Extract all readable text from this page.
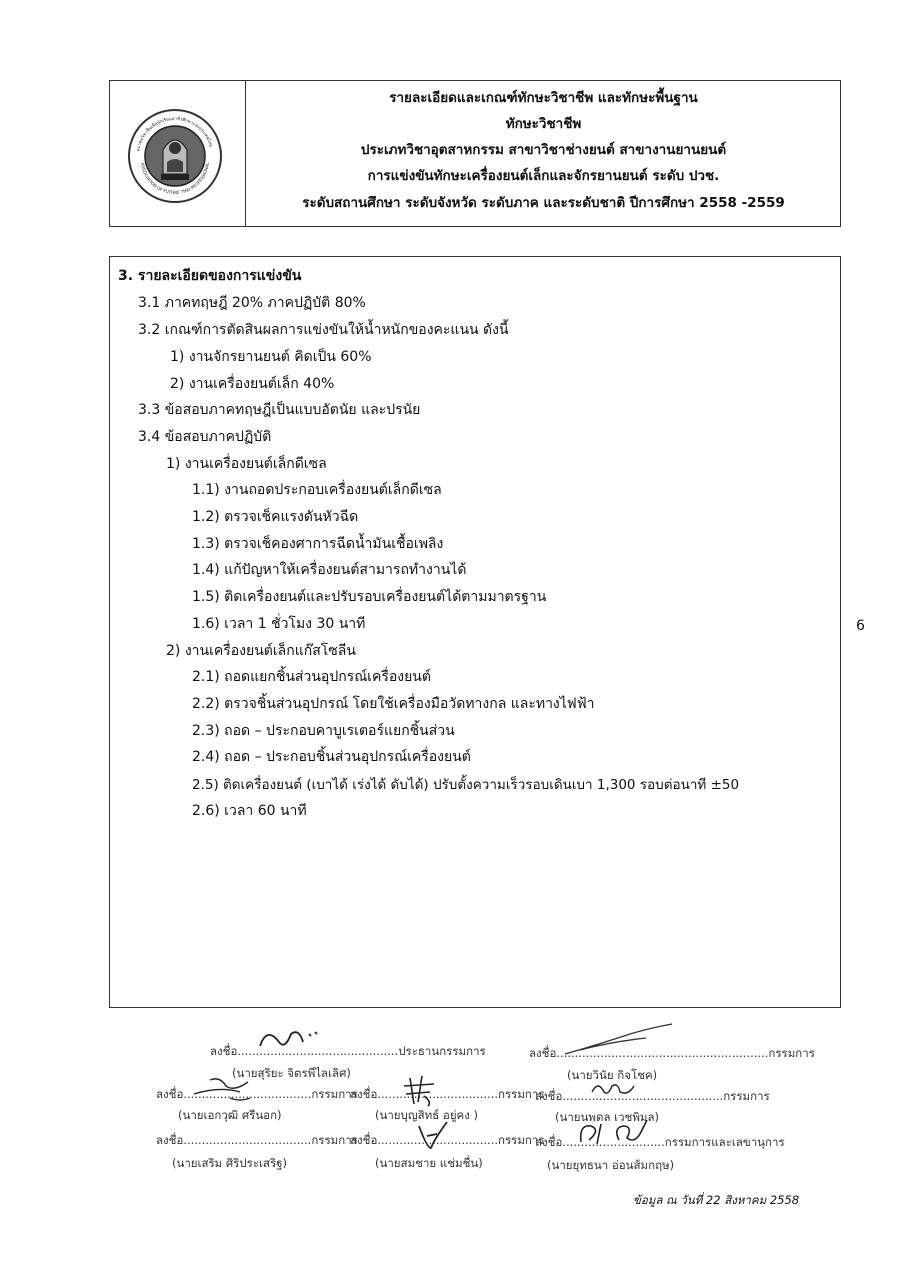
สมาคมวิชาชีพเพื่อนักเรียนอาชีวศึกษาแห่งประเทศไทย
ASSOCIATION OF FUTURE THAI PROFESSIONAL
รายละเอียดและเกณฑ์ทักษะวิชาชีพ และทักษะพื้นฐาน
ทักษะวิชาชีพ
ประเภทวิชาอุตสาหกรรม สาขาวิชาช่างยนต์ สาขางานยานยนต์
การแข่งขันทักษะเครื่องยนต์เล็กและจักรยานยนต์ ระดับ ปวช.
ระดับสถานศึกษา ระดับจังหวัด ระดับภาค และระดับชาติ ปีการศึกษา 2558 -2559
3. รายละเอียดของการแข่งขัน
3.1 ภาคทฤษฎี 20% ภาคปฏิบัติ 80%
3.2 เกณฑ์การตัดสินผลการแข่งขันให้น้ำหนักของคะแนน ดังนี้
1) งานจักรยานยนต์ คิดเป็น 60%
2) งานเครื่องยนต์เล็ก 40%
3.3 ข้อสอบภาคทฤษฎีเป็นแบบอัตนัย และปรนัย
3.4 ข้อสอบภาคปฏิบัติ
1) งานเครื่องยนต์เล็กดีเซล
1.1) งานถอดประกอบเครื่องยนต์เล็กดีเซล
1.2) ตรวจเช็คแรงดันหัวฉีด
1.3) ตรวจเช็คองศาการฉีดน้ำมันเชื้อเพลิง
1.4) แก้ปัญหาให้เครื่องยนต์สามารถทำงานได้
1.5) ติดเครื่องยนต์และปรับรอบเครื่องยนต์ได้ตามมาตรฐาน
1.6) เวลา 1 ชั่วโมง 30 นาที
2) งานเครื่องยนต์เล็กแก๊สโซลีน
2.1) ถอดแยกชิ้นส่วนอุปกรณ์เครื่องยนต์
2.2) ตรวจชิ้นส่วนอุปกรณ์ โดยใช้เครื่องมือวัดทางกล และทางไฟฟ้า
2.3) ถอด – ประกอบคาบูเรเตอร์แยกชิ้นส่วน
2.4) ถอด – ประกอบชิ้นส่วนอุปกรณ์เครื่องยนต์
2.5) ติดเครื่องยนต์ (เบาได้ เร่งได้ ดับได้) ปรับตั้งความเร็วรอบเดินเบา 1,300 รอบต่อนาที ±50
2.6) เวลา 60 นาที
6
ลงชื่อ............................................ประธานกรรมการ
(นายสุริยะ จิตรพีไลเลิศ)
ลงชื่อ..........................................................กรรมการ
(นายวินัย กิจโชค)
ลงชื่อ...................................กรรมการ
(นายเอกวุฒิ ศรีนอก)
ลงชื่อ.................................กรรมการ
(นายบุญสิทธ์ อยู่คง )
ลงชื่อ............................................กรรมการ
(นายนพดล เวชพิมล)
ลงชื่อ...................................กรรมการ
(นายเสริม ศิริประเสริฐ)
ลงชื่อ.................................กรรมการ
(นายสมชาย แช่มชื่น)
ลงชื่อ............................กรรมการและเลขานุการ
(นายยุทธนา อ่อนส้มกฤษ)
ข้อมูล ณ วันที่ 22 สิงหาคม 2558
